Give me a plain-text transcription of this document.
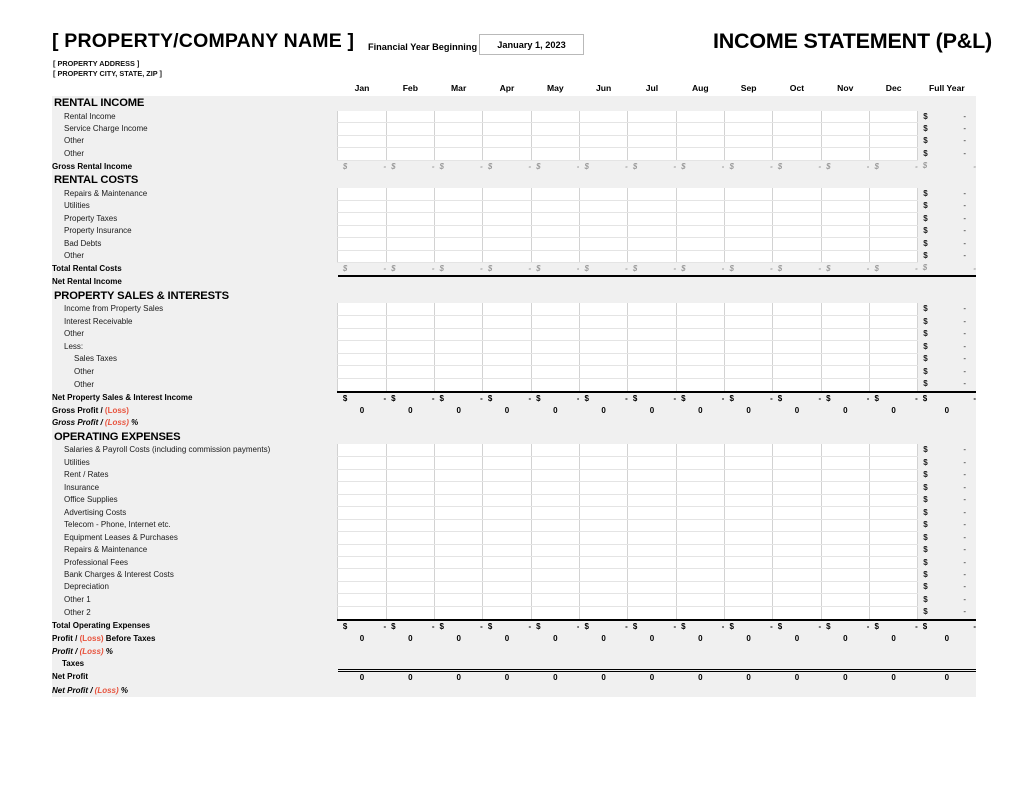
[ PROPERTY/COMPANY NAME ]
[ PROPERTY ADDRESS ]
[ PROPERTY CITY, STATE, ZIP ]
Financial Year Beginning January 1, 2023	INCOME STATEMENT (P&L)
	Jan	Feb	Mar	Apr	May	Jun	Jul	Aug	Sep	Oct	Nov	Dec	Full Year
RENTAL INCOME													
Rental Income													$ -
Service Charge Income													$ -
Other													$ -
Other													$ -
Gross Rental Income	$ -	$ -	$ -	$ -	$ -	$ -	$ -	$ -	$ -	$ -	$ -	$ -	$ -
RENTAL COSTS													
Repairs & Maintenance													$ -
Utilities													$ -
Property Taxes													$ -
Property Insurance													$ -
Bad Debts													$ -
Other													$ -
Total Rental Costs	$ -	$ -	$ -	$ -	$ -	$ -	$ -	$ -	$ -	$ -	$ -	$ -	$ -
Net Rental Income													
PROPERTY SALES & INTERESTS													
Income from Property Sales													$ -
Interest Receivable													$ -
Other													$ -
Less:													$ -
Sales Taxes													$ -
Other													$ -
Other													$ -
Net Property Sales & Interest Income	$ -	$ -	$ -	$ -	$ -	$ -	$ -	$ -	$ -	$ -	$ -	$ -	$ -
Gross Profit / (Loss)	0	0	0	0	0	0	0	0	0	0	0	0	0
Gross Profit / (Loss) %													
OPERATING EXPENSES													
Salaries & Payroll Costs (including commission payments)													$ -
Utilities													$ -
Rent / Rates													$ -
Insurance													$ -
Office Supplies													$ -
Advertising Costs													$ -
Telecom - Phone, Internet etc.													$ -
Equipment Leases & Purchases													$ -
Repairs & Maintenance													$ -
Professional Fees													$ -
Bank Charges & Interest Costs													$ -
Depreciation													$ -
Other 1													$ -
Other 2													$ -
Total Operating Expenses	$ -	$ -	$ -	$ -	$ -	$ -	$ -	$ -	$ -	$ -	$ -	$ -	$ -
Profit / (Loss) Before Taxes	0	0	0	0	0	0	0	0	0	0	0	0	0
Profit / (Loss) %													
Taxes													
Net Profit	0	0	0	0	0	0	0	0	0	0	0	0	0
Net Profit / (Loss) %													
